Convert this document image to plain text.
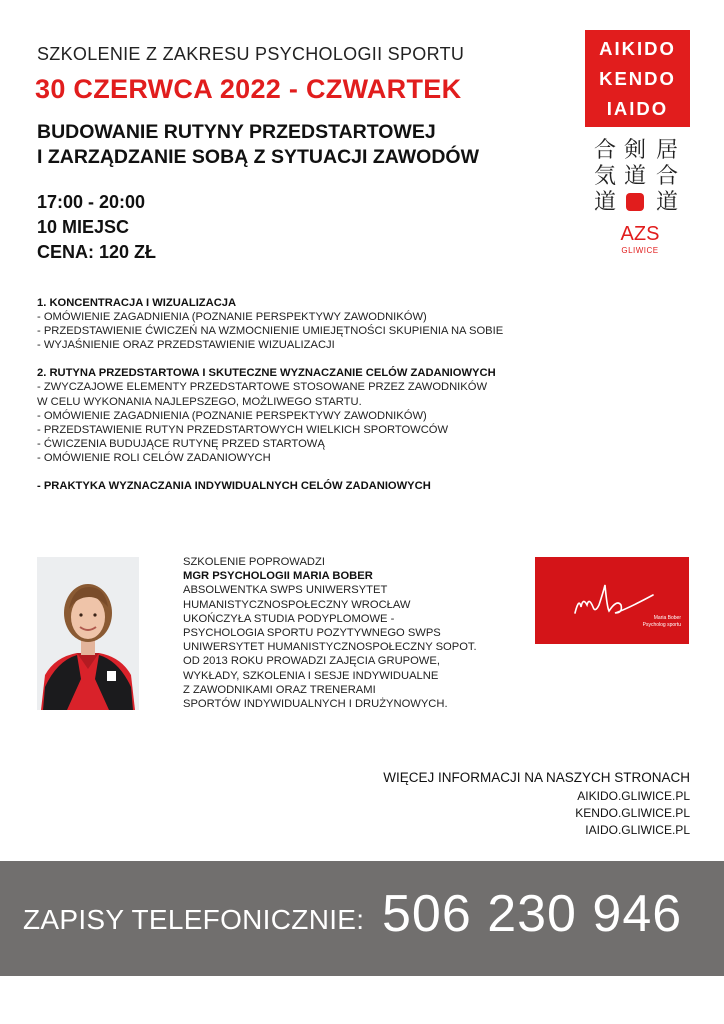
SZKOLENIE Z ZAKRESU PSYCHOLOGII SPORTU
30 CZERWCA 2022 - CZWARTEK
BUDOWANIE RUTYNY PRZEDSTARTOWEJ
I ZARZĄDZANIE SOBĄ Z SYTUACJI ZAWODÓW
17:00 - 20:00
10 MIEJSC
CENA: 120 ZŁ
AIKIDO
KENDO
IAIDO
合
気
道
剣
道
居
合
道
AZS
GLIWICE
1. KONCENTRACJA I WIZUALIZACJA
- OMÓWIENIE ZAGADNIENIA (POZNANIE PERSPEKTYWY ZAWODNIKÓW)
- PRZEDSTAWIENIE ĆWICZEŃ NA WZMOCNIENIE UMIEJĘTNOŚCI SKUPIENIA NA SOBIE
- WYJAŚNIENIE ORAZ PRZEDSTAWIENIE WIZUALIZACJI
2. RUTYNA PRZEDSTARTOWA I SKUTECZNE WYZNACZANIE CELÓW ZADANIOWYCH
- ZWYCZAJOWE ELEMENTY PRZEDSTARTOWE STOSOWANE PRZEZ ZAWODNIKÓW
W CELU WYKONANIA NAJLEPSZEGO, MOŻLIWEGO STARTU.
- OMÓWIENIE ZAGADNIENIA (POZNANIE PERSPEKTYWY ZAWODNIKÓW)
- PRZEDSTAWIENIE RUTYN PRZEDSTARTOWYCH WIELKICH SPORTOWCÓW
- ĆWICZENIA BUDUJĄCE RUTYNĘ PRZED STARTOWĄ
- OMÓWIENIE ROLI CELÓW ZADANIOWYCH
- PRAKTYKA WYZNACZANIA INDYWIDUALNYCH CELÓW ZADANIOWYCH
SZKOLENIE POPROWADZI
MGR PSYCHOLOGII MARIA BOBER
ABSOLWENTKA SWPS UNIWERSYTET
HUMANISTYCZNOSPOŁECZNY WROCŁAW
UKOŃCZYŁA STUDIA PODYPLOMOWE -
PSYCHOLOGIA SPORTU POZYTYWNEGO SWPS
UNIWERSYTET HUMANISTYCZNOSPOŁECZNY SOPOT.
OD 2013 ROKU PROWADZI ZAJĘCIA GRUPOWE,
WYKŁADY, SZKOLENIA I SESJE INDYWIDUALNE
Z ZAWODNIKAMI ORAZ TRENERAMI
SPORTÓW INDYWIDUALNYCH I DRUŻYNOWYCH.
Maria Bober
Psycholog sportu
WIĘCEJ INFORMACJI NA NASZYCH STRONACH
AIKIDO.GLIWICE.PL
KENDO.GLIWICE.PL
IAIDO.GLIWICE.PL
ZAPISY TELEFONICZNIE: 506 230 946
